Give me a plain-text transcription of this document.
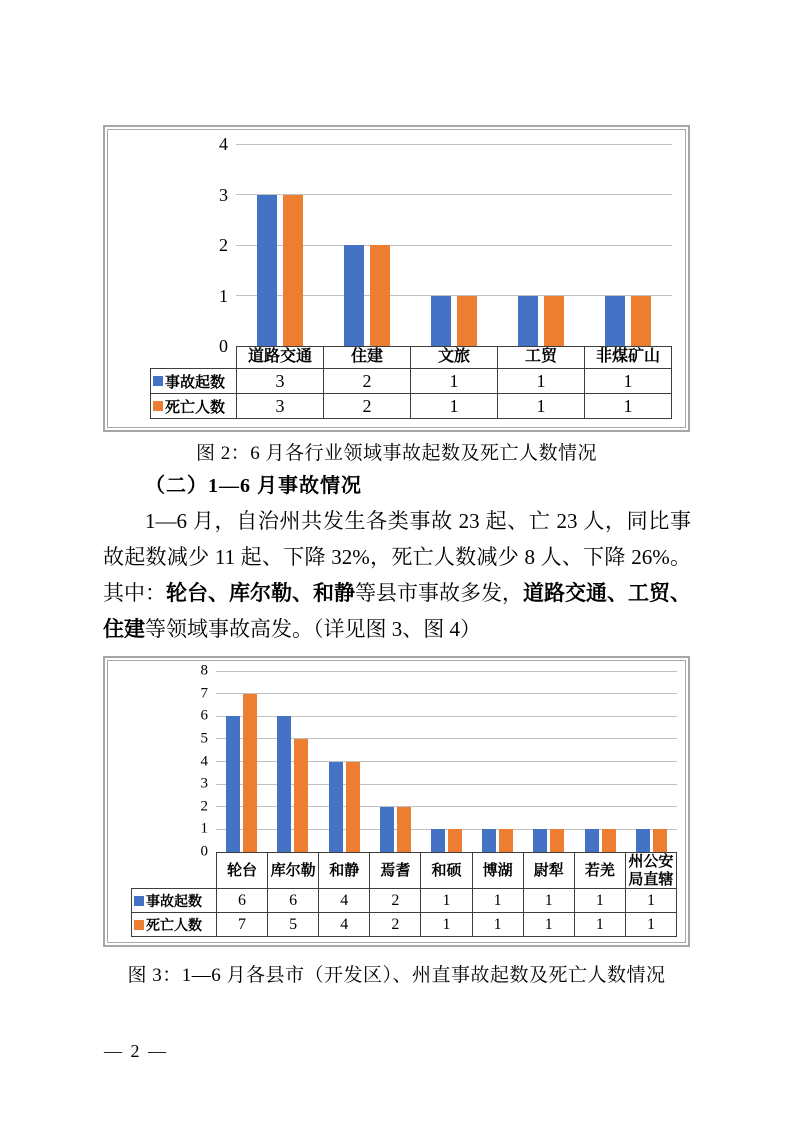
0
1
2
3
4
	道路交通	住建	文旅	工贸	非煤矿山

事故起数	3	2	1	1	1

死亡人数	3	2	1	1	1
图 2：6 月各行业领域事故起数及死亡人数情况
（二）1—6 月事故情况
1—6 月，自治州共发生各类事故 23 起、亡 23 人，同比事故起数减少 11 起、下降 32%，死亡人数减少 8 人、下降 26%。其中：轮台、库尔勒、和静等县市事故多发，道路交通、工贸、住建等领域事故高发。（详见图 3、图 4）
0
1
2
3
4
5
6
7
8
	轮台	库尔勒	和静	焉耆	和硕	博湖	尉犁	若羌	州公安局直辖

事故起数	6	6	4	2	1	1	1	1	1

死亡人数	7	5	4	2	1	1	1	1	1
图 3：1—6 月各县市（开发区）、州直事故起数及死亡人数情况
— 2 —
